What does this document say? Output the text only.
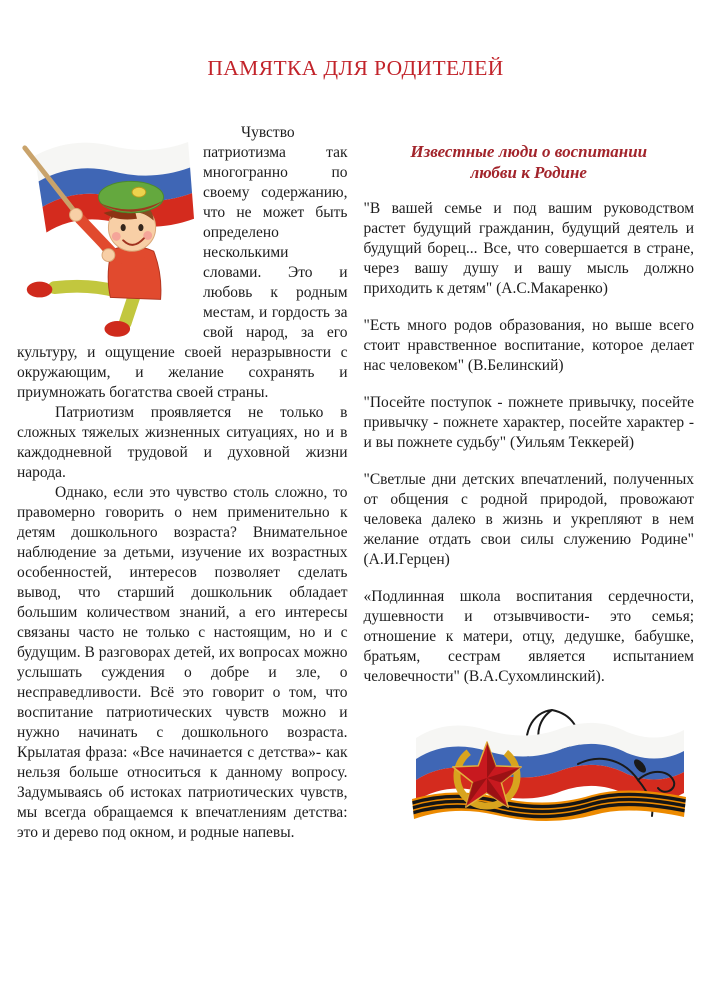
ПАМЯТКА ДЛЯ РОДИТЕЛЕЙ

Чувство патриотизма так многогранно по своему содержанию, что не может быть определено несколькими словами. Это и любовь к родным местам, и гордость за свой народ, за его культуру, и ощущение своей неразрывности с окружающим, и желание сохранять и приумножать богатства своей страны.

Патриотизм проявляется не только в сложных тяжелых жизненных ситуациях, но и в каждодневной трудовой и духовной жизни народа.

Однако, если это чувство столь сложно, то правомерно говорить о нем применительно к детям дошкольного возраста? Внимательное наблюдение за детьми, изучение их возрастных особенностей, интересов позволяет сделать вывод, что старший дошкольник обладает большим количеством знаний, а его интересы связаны часто не только с настоящим, но и с будущим. В разговорах детей, их вопросах можно услышать суждения о добре и зле, о несправедливости. Всё это говорит о том, что воспитание патриотических чувств можно и нужно начинать с дошкольного возраста. Крылатая фраза: «Все начинается с детства»- как нельзя больше относиться к данному вопросу. Задумываясь об истоках патриотических чувств, мы всегда обращаемся к впечатлениям детства: это и дерево под окном, и родные напевы.

Известные люди о воспитании любви к Родине

"В вашей семье и под вашим руководством растет будущий гражданин, будущий деятель и будущий борец... Все, что совершается в стране, через вашу душу и вашу мысль должно приходить к детям" (А.С.Макаренко)

"Есть много родов образования, но выше всего стоит нравственное воспитание, которое делает нас человеком" (В.Белинский)

"Посейте поступок - пожнете привычку, посейте привычку - пожнете характер, посейте характер - и вы пожнете судьбу" (Уильям Теккерей)

"Светлые дни детских впечатлений, полученных от общения с родной природой, провожают человека далеко в жизнь и укрепляют в нем желание отдать свои силы служению Родине" (А.И.Герцен)

«Подлинная школа воспитания сердечности, душевности и отзывчивости- это семья; отношение к матери, отцу, дедушке, бабушке, братьям, сестрам является испытанием человечности" (В.А.Сухомлинский).
